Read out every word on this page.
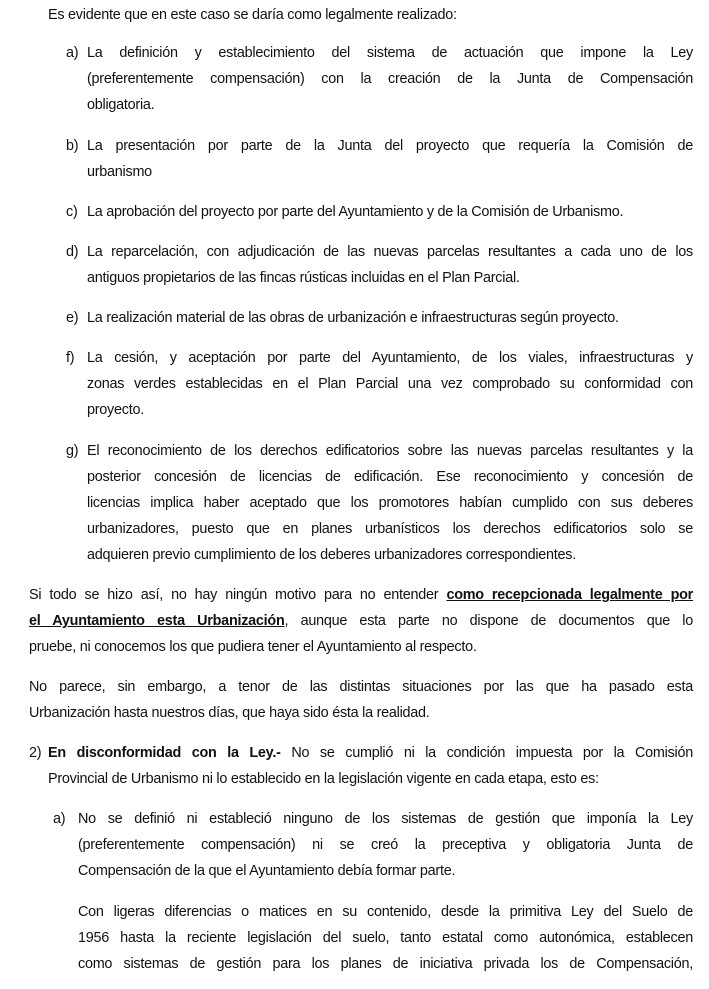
Es evidente que en este caso se daría como legalmente realizado:
a) La definición y establecimiento del sistema de actuación que impone la Ley
(preferentemente compensación) con la creación de la Junta de Compensación
obligatoria.
b) La presentación por parte de la Junta del proyecto que requería la Comisión de
urbanismo
c) La aprobación del proyecto por parte del Ayuntamiento y de la Comisión de Urbanismo.
d) La reparcelación, con adjudicación de las nuevas parcelas resultantes a cada uno de los
antiguos propietarios de las fincas rústicas incluidas en el Plan Parcial.
e) La realización material de las obras de urbanización e infraestructuras según proyecto.
f) La cesión, y aceptación por parte del Ayuntamiento, de los viales, infraestructuras y
zonas verdes establecidas en el Plan Parcial una vez comprobado su conformidad con
proyecto.
g) El reconocimiento de los derechos edificatorios sobre las nuevas parcelas resultantes y la
posterior concesión de licencias de edificación. Ese reconocimiento y concesión de
licencias implica haber aceptado que los promotores habían cumplido con sus deberes
urbanizadores, puesto que en planes urbanísticos los derechos edificatorios solo se
adquieren previo cumplimiento de los deberes urbanizadores correspondientes.
Si todo se hizo así, no hay ningún motivo para no entender como recepcionada legalmente por
el Ayuntamiento esta Urbanización, aunque esta parte no dispone de documentos que lo
pruebe, ni conocemos los que pudiera tener el Ayuntamiento al respecto.
No parece, sin embargo, a tenor de las distintas situaciones por las que ha pasado esta
Urbanización hasta nuestros días, que haya sido ésta la realidad.
2) En disconformidad con la Ley.- No se cumplió ni la condición impuesta por la Comisión
Provincial de Urbanismo ni lo establecido en la legislación vigente en cada etapa, esto es:
a) No se definió ni estableció ninguno de los sistemas de gestión que imponía la Ley
(preferentemente compensación) ni se creó la preceptiva y obligatoria Junta de
Compensación de la que el Ayuntamiento debía formar parte.
Con ligeras diferencias o matices en su contenido, desde la primitiva Ley del Suelo de
1956 hasta la reciente legislación del suelo, tanto estatal como autonómica, establecen
como sistemas de gestión para los planes de iniciativa privada los de Compensación,
